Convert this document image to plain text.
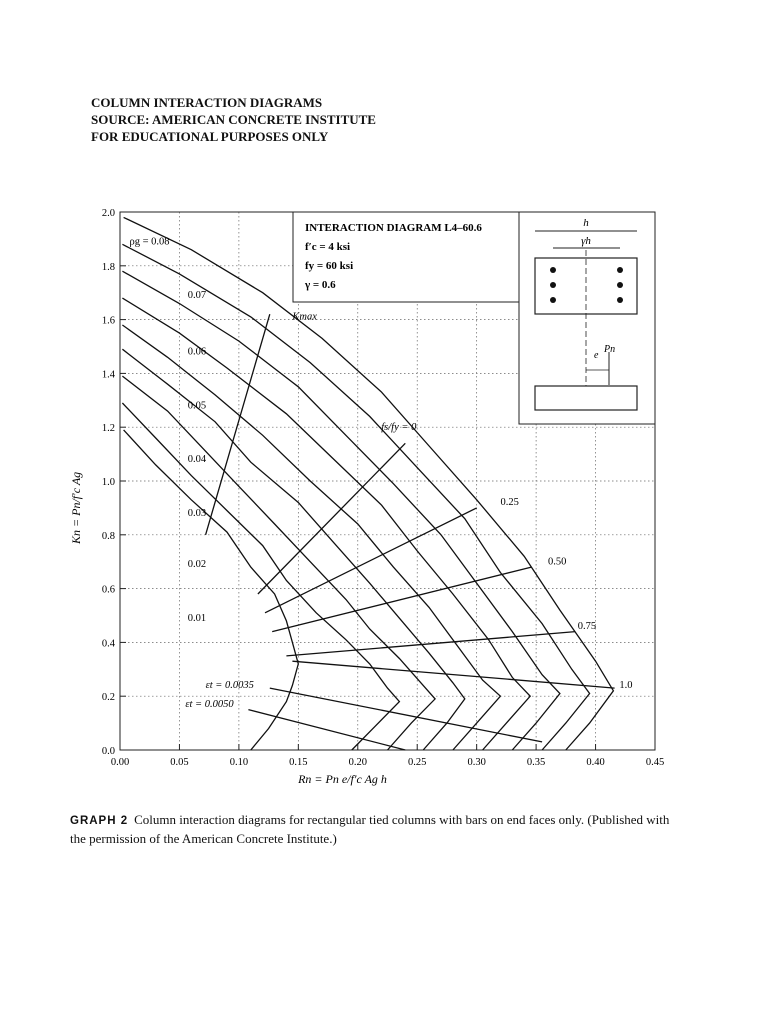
COLUMN INTERACTION DIAGRAMS
SOURCE: AMERICAN CONCRETE INSTITUTE
FOR EDUCATIONAL PURPOSES ONLY
0.00	0.05	0.10	0.15	0.20	0.25	0.30	0.35	0.40	0.45
0.0
0.2
0.4
0.6
0.8
1.0
1.2
1.4
1.6
1.8
2.0
Rn = Pn e/f′c Ag h
Kn = Pn/f′c Ag
ρg = 0.08
0.07
0.06
0.05
0.04
0.03
0.02
0.01
fs/fy = 0
0.25
0.50
0.75
1.0
Kmax
εt = 0.0035
εt = 0.0050
INTERACTION DIAGRAM L4–60.6
f′c = 4 ksi
fy = 60 ksi
γ = 0.6
h
γh
e
Pn
GRAPH 2 Column interaction diagrams for rectangular tied columns with bars on end faces only. (Published with the permission of the American Concrete Institute.)
